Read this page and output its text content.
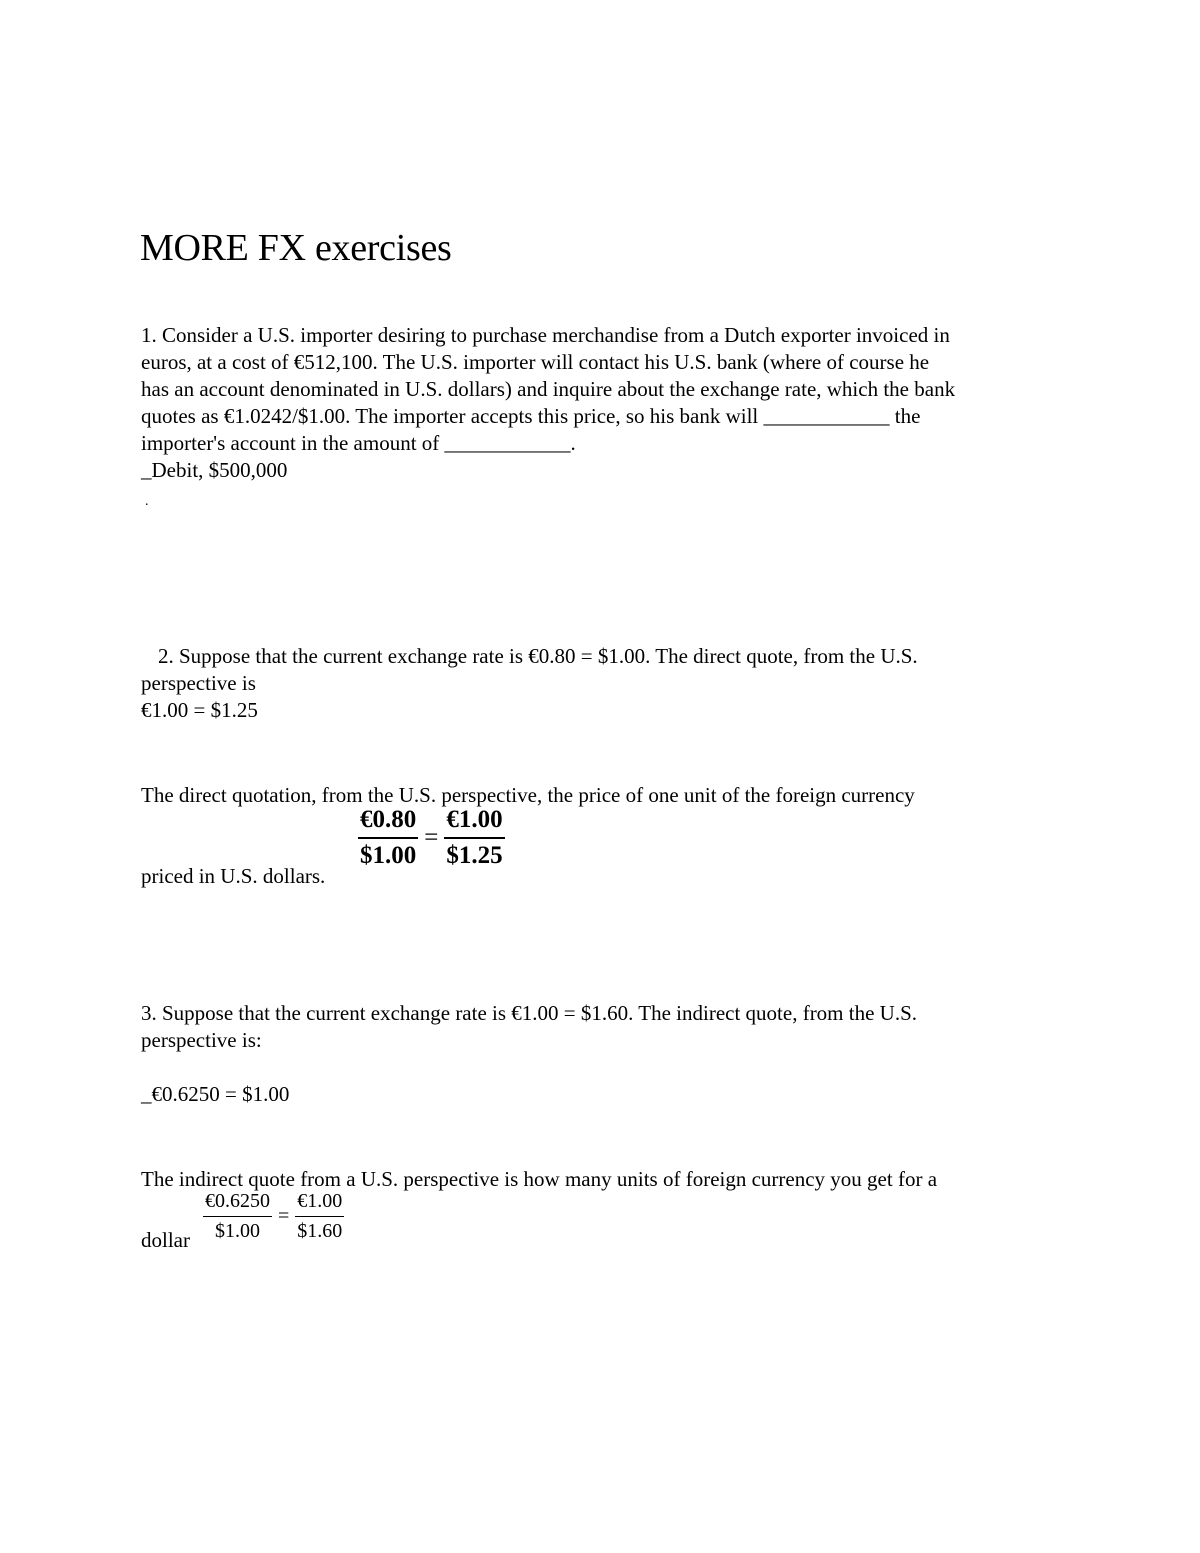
MORE FX exercises
1. Consider a U.S. importer desiring to purchase merchandise from a Dutch exporter invoiced in
euros, at a cost of €512,100. The U.S. importer will contact his U.S. bank (where of course he
has an account denominated in U.S. dollars) and inquire about the exchange rate, which the bank
quotes as €1.0242/$1.00. The importer accepts this price, so his bank will ____________ the
importer's account in the amount of ____________.
_Debit, $500,000
.
2. Suppose that the current exchange rate is €0.80 = $1.00. The direct quote, from the U.S.
perspective is
€1.00 = $1.25
The direct quotation, from the U.S. perspective, the price of one unit of the foreign currency
$\frac{€0.80}{\$1.00} = \frac{€1.00}{\$1.25}$
priced in U.S. dollars.
3. Suppose that the current exchange rate is €1.00 = $1.60. The indirect quote, from the U.S.
perspective is:
_€0.6250 = $1.00
The indirect quote from a U.S. perspective is how many units of foreign currency you get for a
$\frac{€0.6250}{\$1.00} = \frac{€1.00}{\$1.60}$
dollar
